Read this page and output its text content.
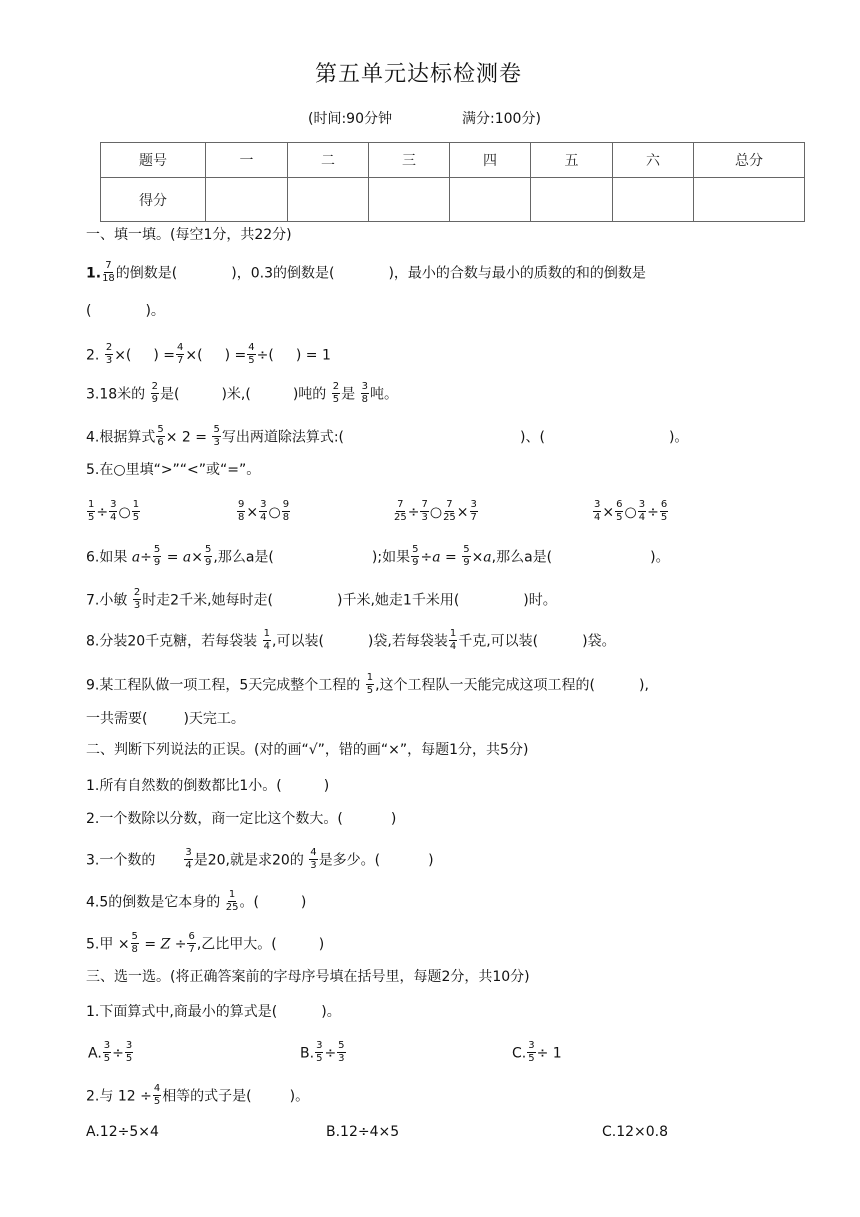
第五单元达标检测卷
(时间:90分钟	满分:100分)
题号	一	二	三	四	五	六	总分
得分							
一、填一填。(每空1分，共22分)
1. $\frac{7}{18}$ 的倒数是(	)，0.3的倒数是(	)，最小的合数与最小的质数的和的倒数是
(	)。
2. $\frac{2}{3}$ ×( ) = $\frac{4}{7}$ ×( ) = $\frac{4}{5}$ ÷( ) = 1
3.18米的 $\frac{2}{9}$ 是(	)米,(	)吨的 $\frac{2}{5}$ 是 $\frac{3}{8}$ 吨。
4.根据算式 $\frac{5}{6} \times 2 = \frac{5}{3}$ 写出两道除法算式:(	)、(	)。
5.在○里填“>”“<”或“=”。
$\frac{1}{5} \div \frac{3}{4}$ ○ $\frac{1}{5}$	$\frac{9}{8} \times \frac{3}{4}$ ○ $\frac{9}{8}$	$\frac{7}{25} \div \frac{7}{3}$ ○ $\frac{7}{25} \times \frac{3}{7}$	$\frac{3}{4} \times \frac{6}{5}$ ○ $\frac{3}{4} \div \frac{6}{5}$
6.如果 $a\div \frac{5}{9} = a\times \frac{5}{9}$ ,那么a是(	);如果 $\frac{5}{9} \div a = \frac{5}{9} \times a$,那么a是(	)。
7.小敏 $\frac{2}{3}$ 时走2千米,她每时走(	)千米,她走1千米用(	)时。
8.分装20千克糖，若每袋装 $\frac{1}{4}$ ,可以装(	)袋,若每袋装 $\frac{1}{4}$ 千克,可以装(	)袋。
9.某工程队做一项工程，5天完成整个工程的 $\frac{1}{5}$ ,这个工程队一天能完成这项工程的(	),
一共需要(	)天完工。
二、判断下列说法的正误。(对的画“√”，错的画“×”，每题1分，共5分)
1.所有自然数的倒数都比1小。(	)
2.一个数除以分数，商一定比这个数大。(	)
3.一个数的	$\frac{3}{4}$ 是20,就是求20的 $\frac{4}{3}$ 是多少。(	)
4.5的倒数是它本身的 $\frac{1}{25}$ 。(	)
5.甲 × $\frac{5}{8} = Z \div \frac{6}{7}$ ,乙比甲大。(	)
三、选一选。(将正确答案前的字母序号填在括号里，每题2分，共10分)
1.下面算式中,商最小的算式是(	)。
A. $\frac{3}{5} \div \frac{3}{5}$	B. $\frac{3}{5} \div \frac{5}{3}$	C. $\frac{3}{5} \div 1$
2.与 $12 \div \frac{4}{5}$ 相等的式子是(	)。
A.12÷5×4	B.12÷4×5	C.12×0.8
